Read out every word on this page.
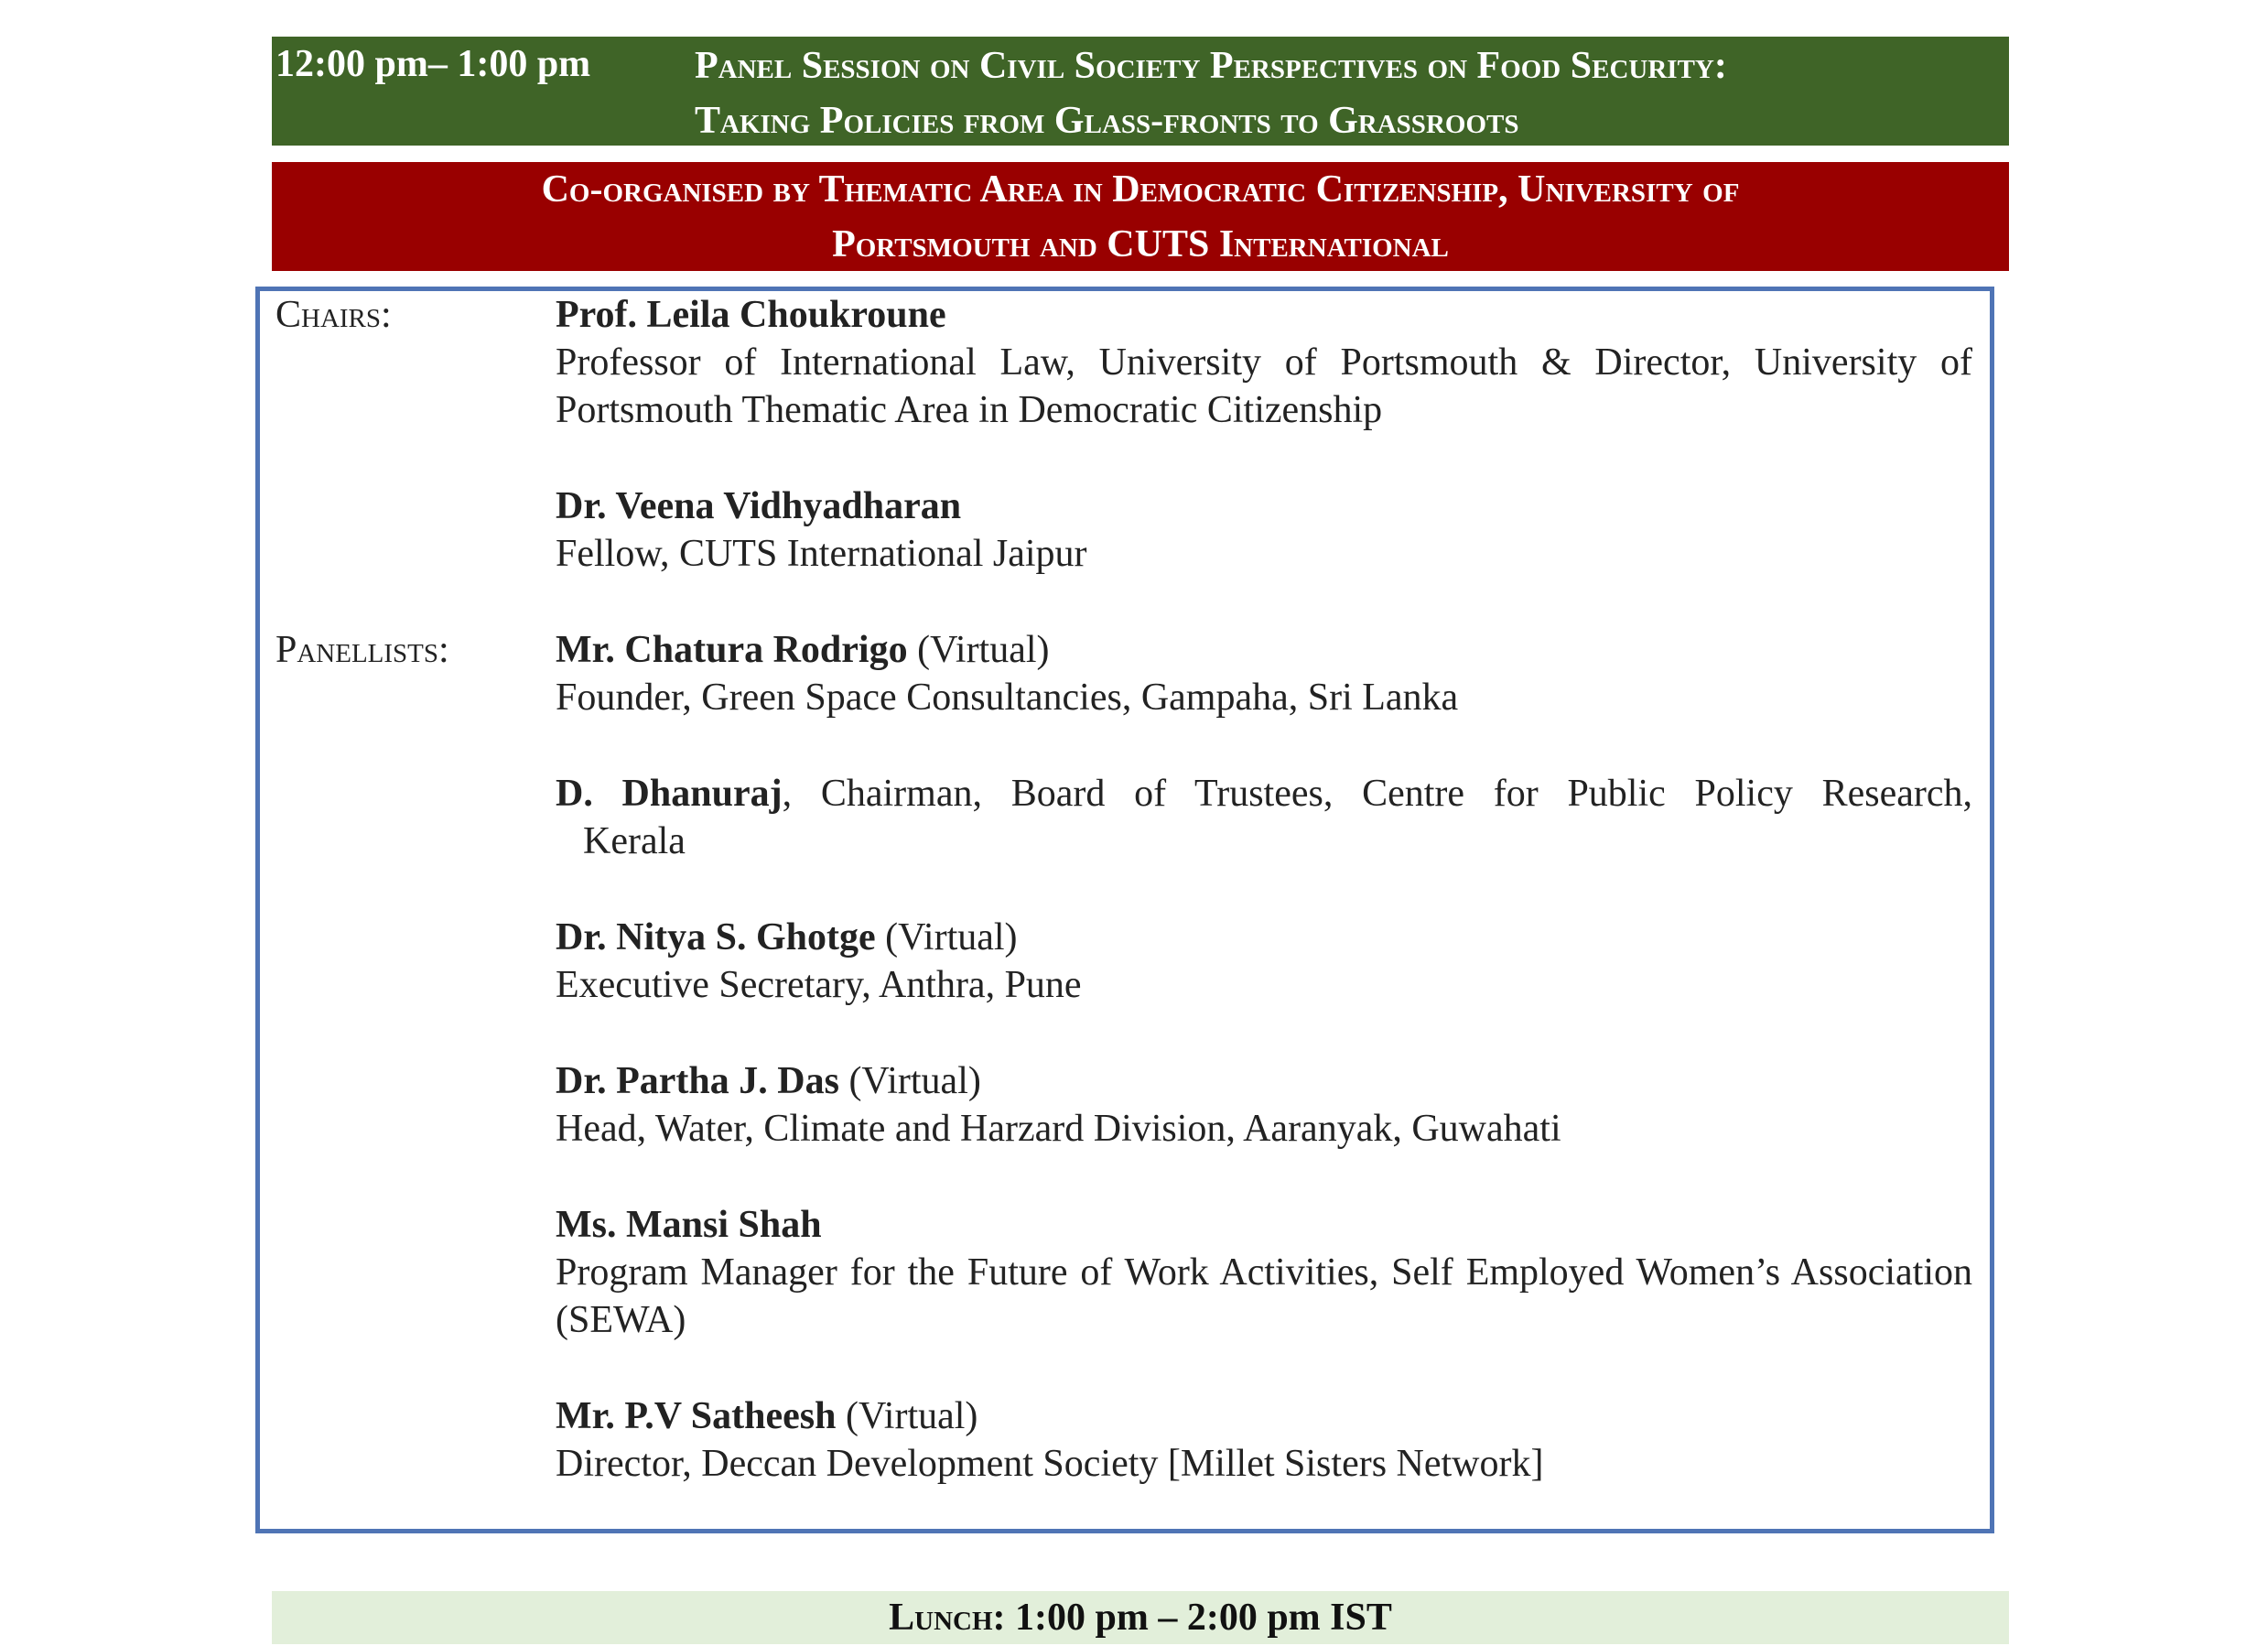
12:00 pm– 1:00 pm	Panel Session on Civil Society Perspectives on Food Security:
Taking Policies from Glass-fronts to Grassroots
Co-organised by Thematic Area in Democratic Citizenship, University of
Portsmouth and CUTS International
Chairs:	Prof. Leila Choukroune
Professor of International Law, University of Portsmouth & Director, University of Portsmouth Thematic Area in Democratic Citizenship
Dr. Veena Vidhyadharan
Fellow, CUTS International Jaipur
Panellists:	Mr. Chatura Rodrigo (Virtual)
Founder, Green Space Consultancies, Gampaha, Sri Lanka
D. Dhanuraj, Chairman, Board of Trustees, Centre for Public Policy Research,
Kerala
Dr. Nitya S. Ghotge (Virtual)
Executive Secretary, Anthra, Pune
Dr. Partha J. Das (Virtual)
Head, Water, Climate and Harzard Division, Aaranyak, Guwahati
Ms. Mansi Shah
Program Manager for the Future of Work Activities, Self Employed Women’s Association (SEWA)
Mr. P.V Satheesh (Virtual)
Director, Deccan Development Society [Millet Sisters Network]
Lunch: 1:00 pm – 2:00 pm IST
